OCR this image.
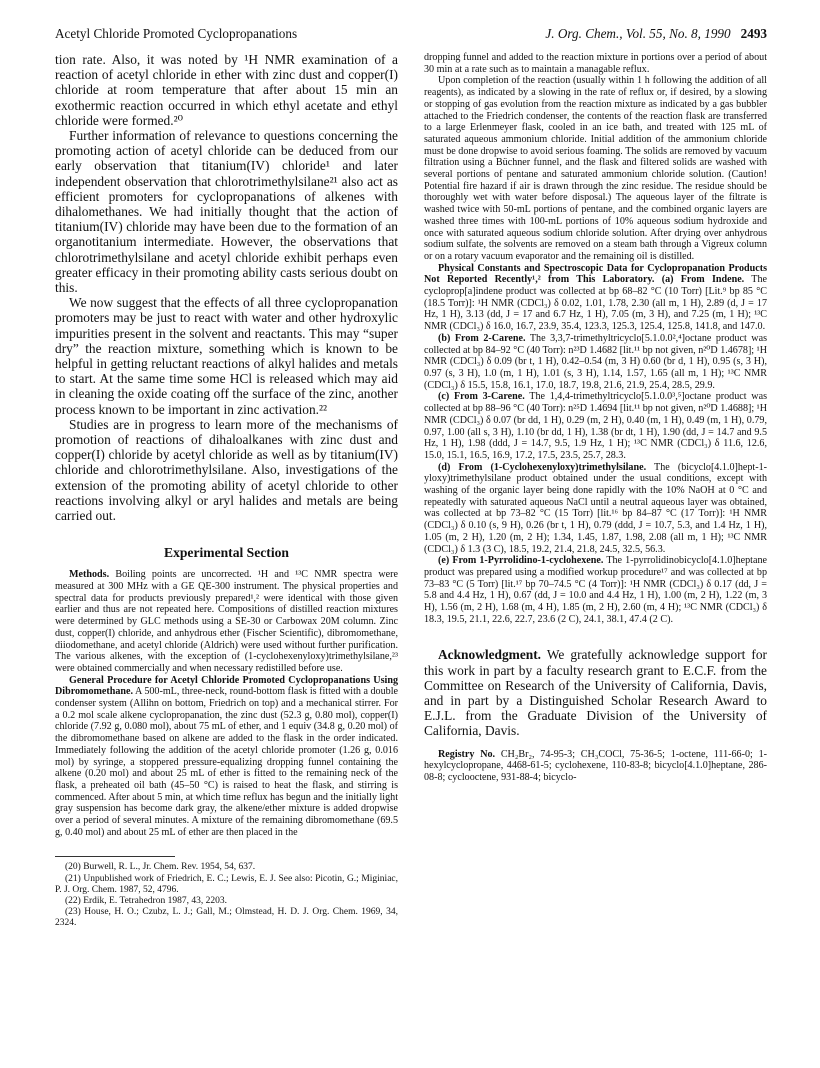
Acetyl Chloride Promoted Cyclopropanations	J. Org. Chem., Vol. 55, No. 8, 1990 2493

tion rate. Also, it was noted by ¹H NMR examination of a reaction of acetyl chloride in ether with zinc dust and copper(I) chloride at room temperature that after about 15 min an exothermic reaction occurred in which ethyl acetate and ethyl chloride were formed.²⁰

Further information of relevance to questions concerning the promoting action of acetyl chloride can be deduced from our early observation that titanium(IV) chloride¹ and later independent observation that chlorotrimethylsilane²¹ also act as efficient promoters for cyclopropanations of alkenes with dihalomethanes. We had initially thought that the action of titanium(IV) chloride may have been due to the formation of an organotitanium intermediate. However, the observations that chlorotrimethylsilane and acetyl chloride exhibit perhaps even greater efficacy in their promoting ability casts serious doubt on this.

We now suggest that the effects of all three cyclopropanation promoters may be just to react with water and other hydroxylic impurities present in the solvent and reactants. This may “super dry” the reaction mixture, something which is known to be helpful in getting reluctant reactions of alkyl halides and metals to start. At the same time some HCl is released which may aid in cleaning the oxide coating off the surface of the zinc, another process known to be important in zinc activation.²²

Studies are in progress to learn more of the mechanisms of promotion of reactions of dihaloalkanes with zinc dust and copper(I) chloride by acetyl chloride as well as by titanium(IV) chloride and chlorotrimethylsilane. Also, investigations of the extension of the promoting ability of acetyl chloride to other reactions involving alkyl or aryl halides and metals are being carried out.

Experimental Section

Methods. Boiling points are uncorrected. ¹H and ¹³C NMR spectra were measured at 300 MHz with a GE QE-300 instrument. The physical properties and spectral data for products previously prepared¹,² were identical with those given earlier and thus are not repeated here. Compositions of distilled reaction mixtures were determined by GLC methods using a SE-30 or Carbowax 20M column. Zinc dust, copper(I) chloride, and anhydrous ether (Fischer Scientific), dibromomethane, diiodomethane, and acetyl chloride (Aldrich) were used without further purification. The various alkenes, with the exception of (1-cyclohexenyloxy)trimethylsilane,²³ were obtained commercially and when necessary redistilled before use.

General Procedure for Acetyl Chloride Promoted Cyclopropanations Using Dibromomethane. A 500-mL, three-neck, round-bottom flask is fitted with a double condenser system (Allihn on bottom, Friedrich on top) and a mechanical stirrer. For a 0.2 mol scale alkene cyclopropanation, the zinc dust (52.3 g, 0.80 mol), copper(I) chloride (7.92 g, 0.080 mol), about 75 mL of ether, and 1 equiv (34.8 g, 0.20 mol) of the dibromomethane based on alkene are added to the flask in the order indicated. Immediately following the addition of the acetyl chloride promoter (1.26 g, 0.016 mol) by syringe, a stoppered pressure-equalizing dropping funnel containing the alkene (0.20 mol) and about 25 mL of ether is fitted to the remaining neck of the flask, a preheated oil bath (45–50 °C) is raised to heat the flask, and stirring is commenced. After about 5 min, at which time reflux has begun and the initially light gray suspension has become dark gray, the alkene/ether mixture is added dropwise over a period of several minutes. A mixture of the remaining dibromomethane (69.5 g, 0.40 mol) and about 25 mL of ether are then placed in the

(20) Burwell, R. L., Jr. Chem. Rev. 1954, 54, 637.

(21) Unpublished work of Friedrich, E. C.; Lewis, E. J. See also: Picotin, G.; Miginiac, P. J. Org. Chem. 1987, 52, 4796.

(22) Erdik, E. Tetrahedron 1987, 43, 2203.

(23) House, H. O.; Czubz, L. J.; Gall, M.; Olmstead, H. D. J. Org. Chem. 1969, 34, 2324.

dropping funnel and added to the reaction mixture in portions over a period of about 30 min at a rate such as to maintain a managable reflux.

Upon completion of the reaction (usually within 1 h following the addition of all reagents), as indicated by a slowing in the rate of reflux or, if desired, by a slowing or stopping of gas evolution from the reaction mixture as indicated by a gas bubbler attached to the Friedrich condenser, the contents of the reaction flask are transferred to a large Erlenmeyer flask, cooled in an ice bath, and treated with 125 mL of saturated aqueous ammonium chloride. Initial addition of the ammonium chloride must be done dropwise to avoid serious foaming. The solids are removed by vacuum filtration using a Büchner funnel, and the flask and filtered solids are washed with several portions of pentane and saturated ammonium chloride solution. (Caution! Potential fire hazard if air is drawn through the zinc residue. The residue should be thoroughly wet with water before disposal.) The aqueous layer of the filtrate is washed twice with 50-mL portions of pentane, and the combined organic layers are washed three times with 100-mL portions of 10% aqueous sodium hydroxide and once with saturated aqueous sodium chloride solution. After drying over anhydrous sodium sulfate, the solvents are removed on a steam bath through a Vigreux column or on a rotary vacuum evaporator and the remaining oil is distilled.

Physical Constants and Spectroscopic Data for Cyclopropanation Products Not Reported Recently¹,² from This Laboratory. (a) From Indene. The cycloprop[a]indene product was collected at bp 68–82 °C (10 Torr) [Lit.⁹ bp 85 °C (18.5 Torr)]: ¹H NMR (CDCl₃) δ 0.02, 1.01, 1.78, 2.30 (all m, 1 H), 2.89 (d, J = 17 Hz, 1 H), 3.13 (dd, J = 17 and 6.7 Hz, 1 H), 7.05 (m, 3 H), and 7.25 (m, 1 H); ¹³C NMR (CDCl₃) δ 16.0, 16.7, 23.9, 35.4, 123.3, 125.3, 125.4, 125.8, 141.8, and 147.0.

(b) From 2-Carene. The 3,3,7-trimethyltricyclo[5.1.0.0²,⁴]octane product was collected at bp 84–92 °C (40 Torr): n²³D 1.4682 [lit.¹¹ bp not given, n²⁰D 1.4678]; ¹H NMR (CDCl₃) δ 0.09 (br t, 1 H), 0.42–0.54 (m, 3 H) 0.60 (br d, 1 H), 0.95 (s, 3 H), 0.97 (s, 3 H), 1.0 (m, 1 H), 1.01 (s, 3 H), 1.14, 1.57, 1.65 (all m, 1 H); ¹³C NMR (CDCl₃) δ 15.5, 15.8, 16.1, 17.0, 18.7, 19.8, 21.6, 21.9, 25.4, 28.5, 29.9.

(c) From 3-Carene. The 1,4,4-trimethyltricyclo[5.1.0.0³,⁵]octane product was collected at bp 88–96 °C (40 Torr): n²⁵D 1.4694 [lit.¹¹ bp not given, n²⁰D 1.4688]; ¹H NMR (CDCl₃) δ 0.07 (br dd, 1 H), 0.29 (m, 2 H), 0.40 (m, 1 H), 0.49 (m, 1 H), 0.79, 0.97, 1.00 (all s, 3 H), 1.10 (br dd, 1 H), 1.38 (br dt, 1 H), 1.90 (dd, J = 14.7 and 9.5 Hz, 1 H), 1.98 (ddd, J = 14.7, 9.5, 1.9 Hz, 1 H); ¹³C NMR (CDCl₃) δ 11.6, 12.6, 15.0, 15.1, 16.5, 16.9, 17.2, 17.5, 23.5, 25.7, 28.3.

(d) From (1-Cyclohexenyloxy)trimethylsilane. The (bicyclo[4.1.0]hept-1-yloxy)trimethylsilane product obtained under the usual conditions, except with washing of the organic layer being done rapidly with the 10% NaOH at 0 °C and repeatedly with saturated aqueous NaCl until a neutral aqueous layer was obtained, was collected at bp 73–82 °C (15 Torr) [lit.¹⁶ bp 84–87 °C (17 Torr)]: ¹H NMR (CDCl₃) δ 0.10 (s, 9 H), 0.26 (br t, 1 H), 0.79 (ddd, J = 10.7, 5.3, and 1.4 Hz, 1 H), 1.05 (m, 2 H), 1.20 (m, 2 H); 1.34, 1.45, 1.87, 1.98, 2.08 (all m, 1 H); ¹³C NMR (CDCl₃) δ 1.3 (3 C), 18.5, 19.2, 21.4, 21.8, 24.5, 32.5, 56.3.

(e) From 1-Pyrrolidino-1-cyclohexene. The 1-pyrrolidinobicyclo[4.1.0]heptane product was prepared using a modified workup procedure¹⁷ and was collected at bp 73–83 °C (5 Torr) [lit.¹⁷ bp 70–74.5 °C (4 Torr)]: ¹H NMR (CDCl₃) δ 0.17 (dd, J = 5.8 and 4.4 Hz, 1 H), 0.67 (dd, J = 10.0 and 4.4 Hz, 1 H), 1.00 (m, 2 H), 1.22 (m, 3 H), 1.56 (m, 2 H), 1.68 (m, 4 H), 1.85 (m, 2 H), 2.60 (m, 4 H); ¹³C NMR (CDCl₃) δ 18.3, 19.5, 21.1, 22.6, 22.7, 23.6 (2 C), 24.1, 38.1, 47.4 (2 C).

Acknowledgment. We gratefully acknowledge support for this work in part by a faculty research grant to E.C.F. from the Committee on Research of the University of California, Davis, and in part by a Distinguished Scholar Research Award to E.J.L. from the Graduate Division of the University of California, Davis.

Registry No. CH₂Br₂, 74-95-3; CH₃COCl, 75-36-5; 1-octene, 111-66-0; 1-hexylcyclopropane, 4468-61-5; cyclohexene, 110-83-8; bicyclo[4.1.0]heptane, 286-08-8; cyclooctene, 931-88-4; bicyclo-
